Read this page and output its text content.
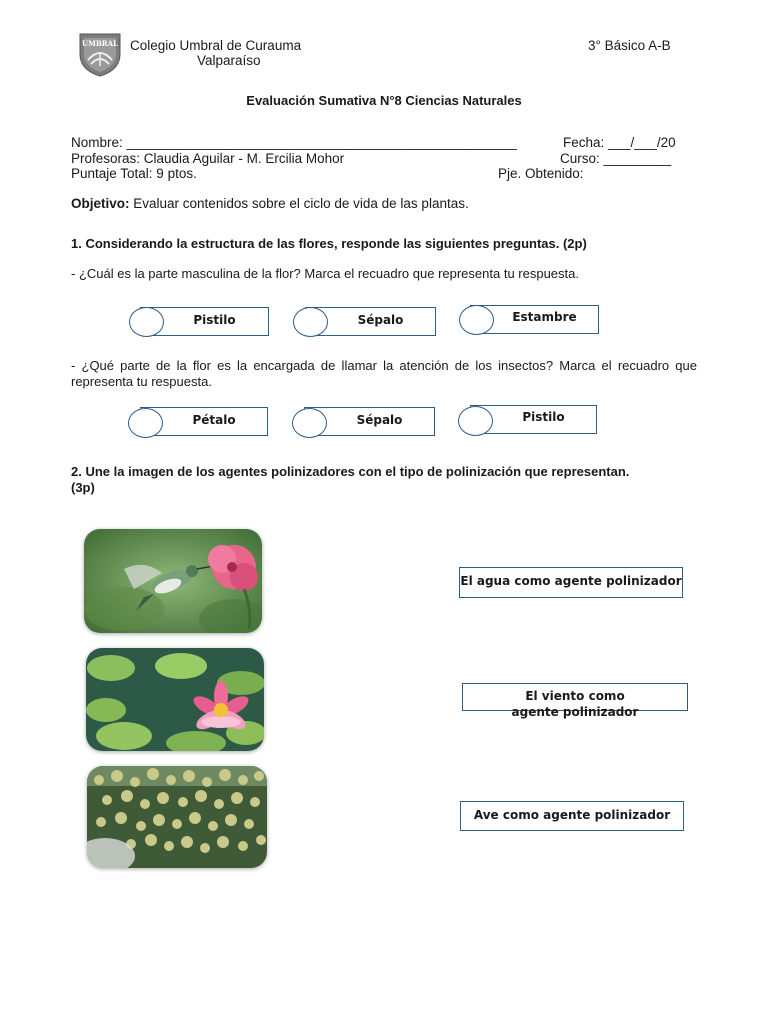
UMBRAL Colegio Umbral de Curauma
Valparaíso
3° Básico A-B
Evaluación Sumativa N°8 Ciencias Naturales
Nombre: ____________________________________________________	Fecha: ___/___/20
Profesoras: Claudia Aguilar - M. Ercilia Mohor	Curso: _________
Puntaje Total: 9 ptos.	Pje. Obtenido:
Objetivo: Evaluar contenidos sobre el ciclo de vida de las plantas.
1. Considerando la estructura de las flores, responde las siguientes preguntas. (2p)
- ¿Cuál es la parte masculina de la flor? Marca el recuadro que representa tu respuesta.
Pistilo	Sépalo	Estambre
- ¿Qué parte de la flor es la encargada de llamar la atención de los insectos? Marca el recuadro que representa tu respuesta.
Pétalo	Sépalo	Pistilo
2. Une la imagen de los agentes polinizadores con el tipo de polinización que representan. (3p)
El agua como agente polinizador
El viento como agente polinizador
Ave como agente polinizador
